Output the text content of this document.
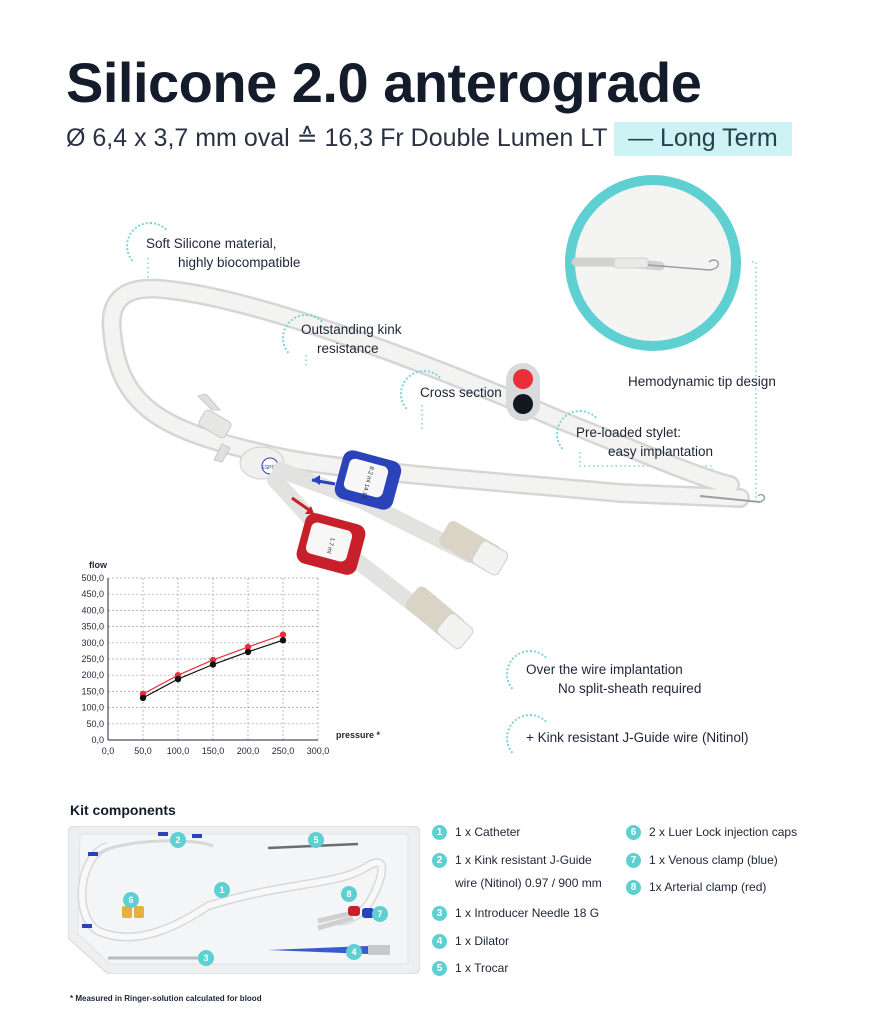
Silicone 2.0 anterograde
Ø 6,4 x 3,7 mm oval ≙ 16,3 Fr Double Lumen LT — Long Term
ESPEN	8.2 ml 14.17
1.7 ml
Soft Silicone material,
highly biocompatible
Outstanding kink
resistance
Cross section
Hemodynamic tip design
Pre-loaded stylet:
easy implantation
Over the wire implantation
No split-sheath required
+ Kink resistant J-Guide wire (Nitinol)
0,0
50,0
100,0
150,0
200,0
250,0
300,0
350,0
400,0
450,0
500,0
0,0 50,0 100,0 150,0 200,0 250,0 300,0
flow
pressure *
Kit components
1
2
3
4
5
6
7
8
1 1 x Catheter
2 1 x Kink resistant J-Guide
wire (Nitinol) 0.97 / 900 mm
3 1 x Introducer Needle 18 G
4 1 x Dilator
5 1 x Trocar
6 2 x Luer Lock injection caps
7 1 x Venous clamp (blue)
8 1x Arterial clamp (red)
* Measured in Ringer-solution calculated for blood
